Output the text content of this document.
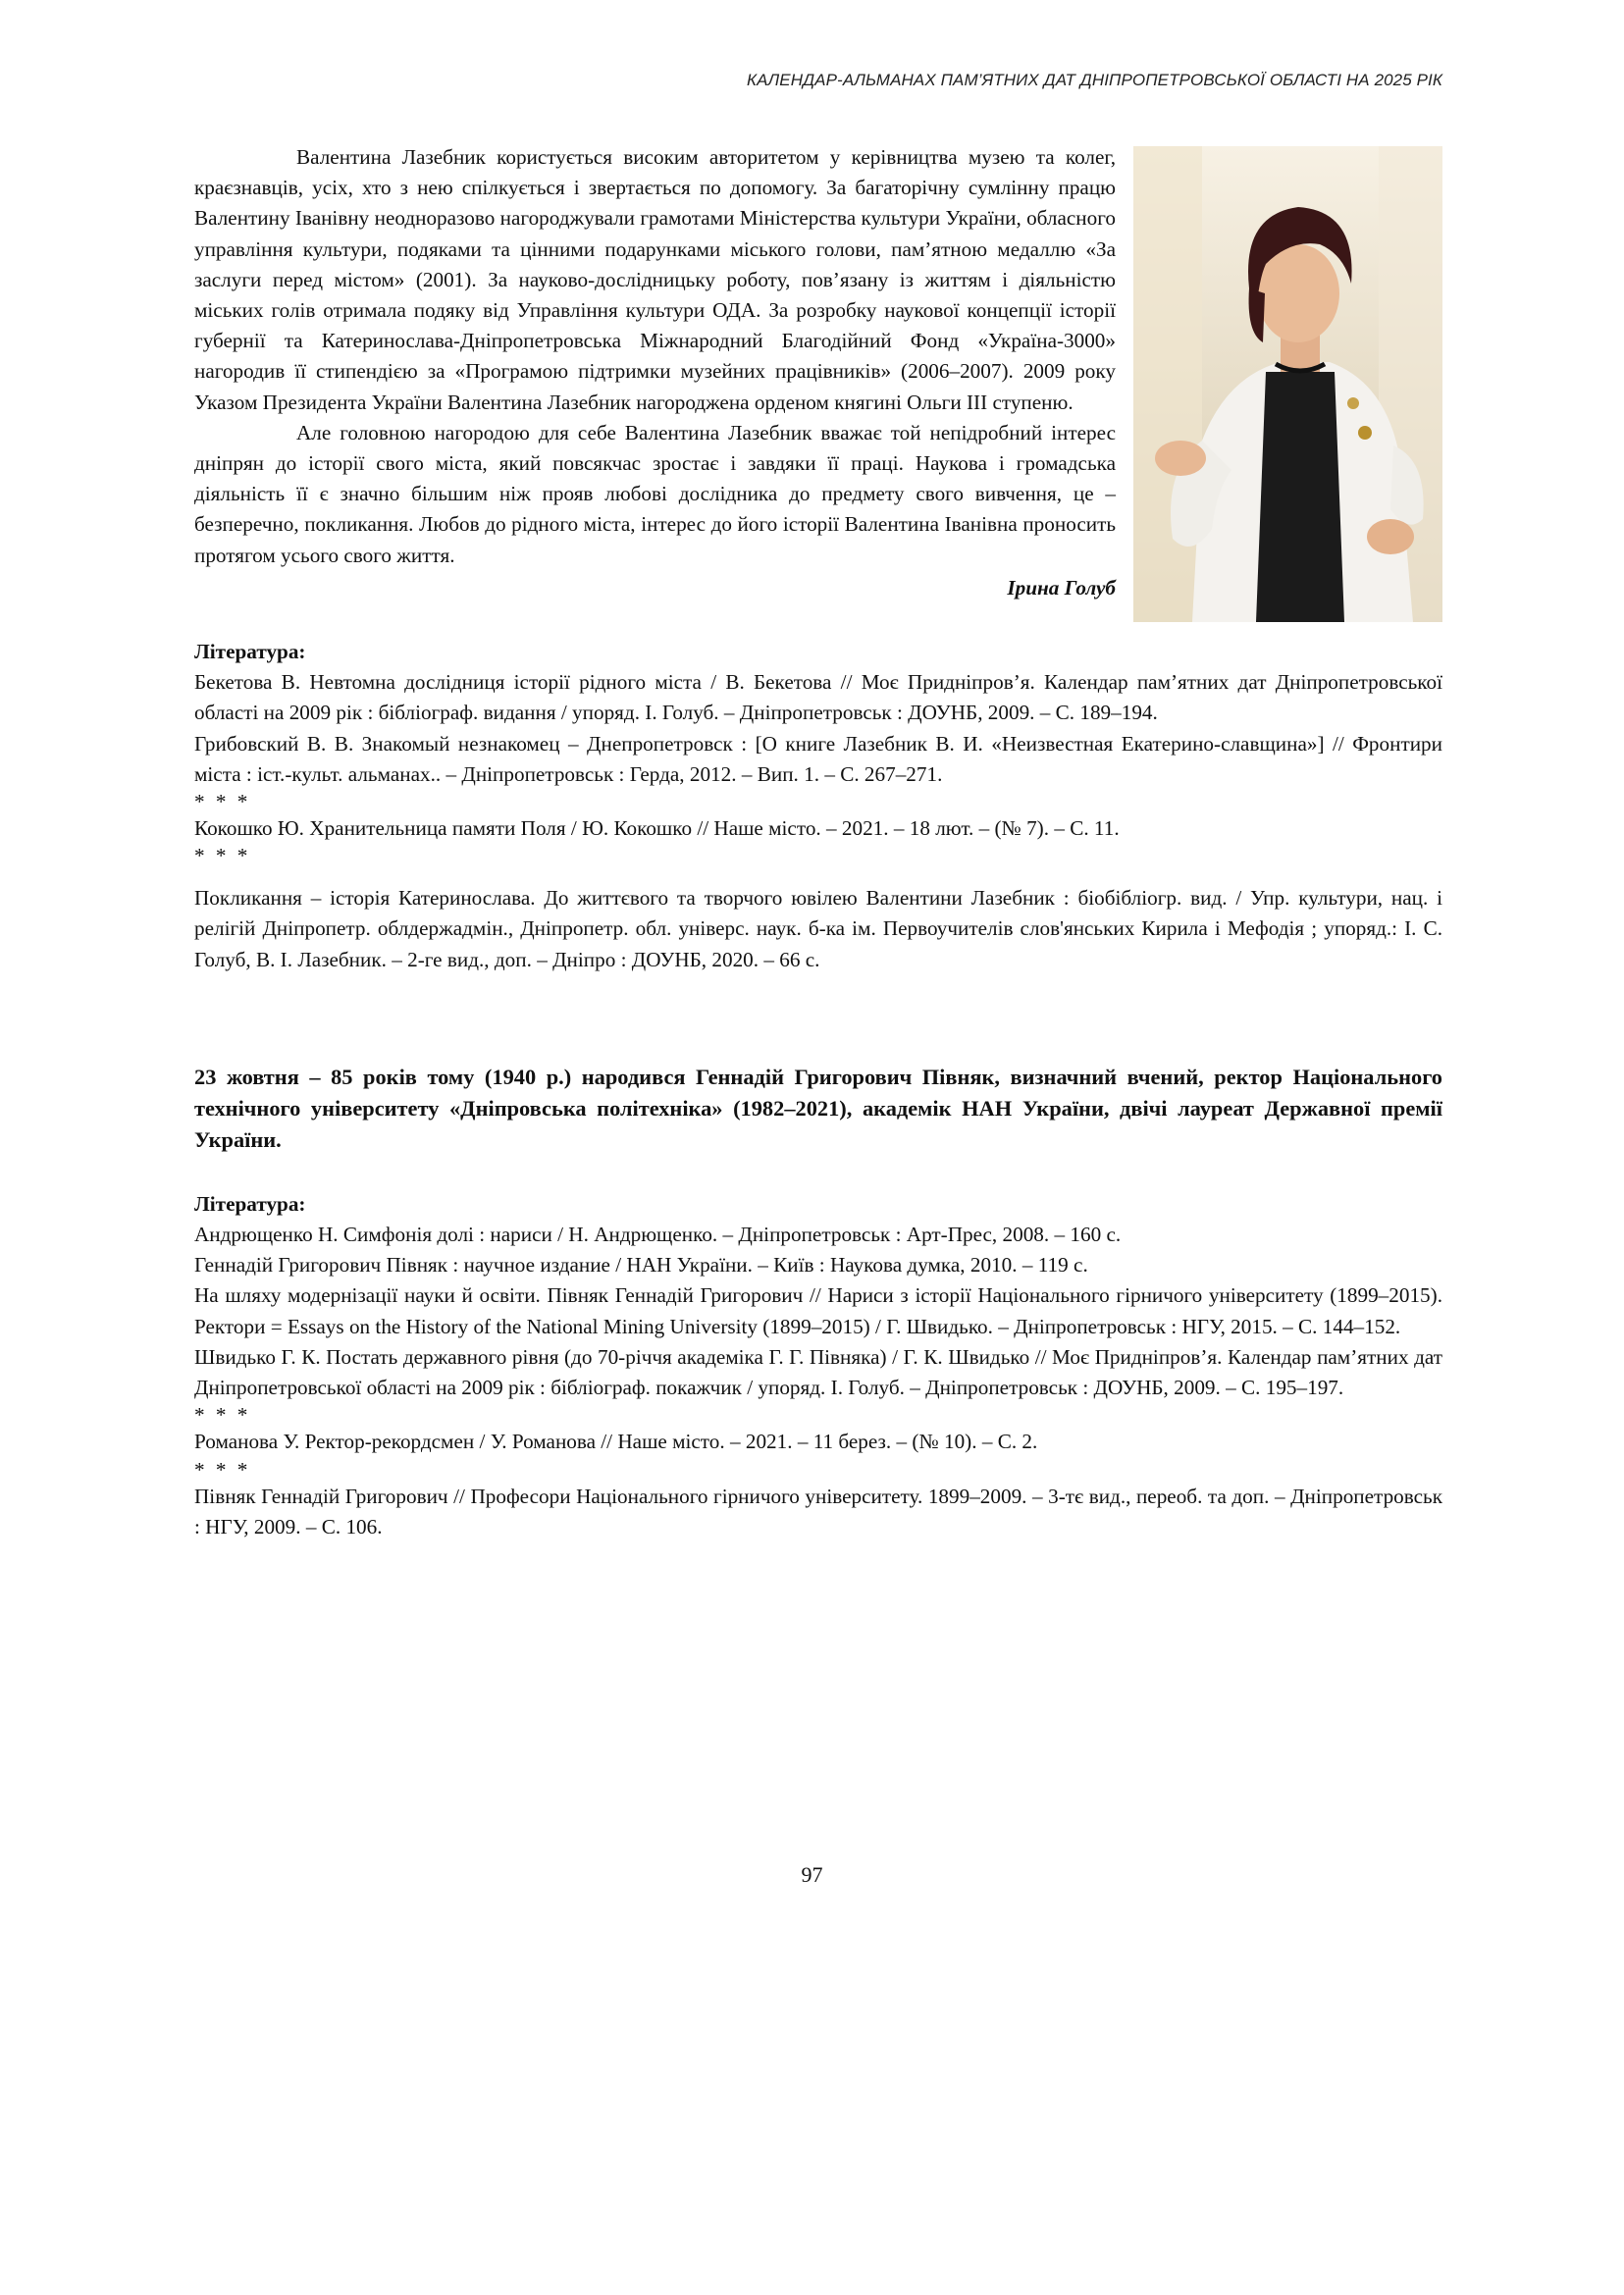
КАЛЕНДАР-АЛЬМАНАХ ПАМ’ЯТНИХ ДАТ ДНІПРОПЕТРОВСЬКОЇ ОБЛАСТІ НА 2025 РІК

Валентина Лазебник користується високим авторитетом у керівництва музею та колег, краєзнавців, усіх, хто з нею спілкується і звертається по допомогу. За багаторічну сумлінну працю Валентину Іванівну неодноразово нагороджували грамотами Міністерства культури України, обласного управління культури, подяками та цінними подарунками міського голови, пам’ятною медаллю «За заслуги перед містом» (2001). За науково-дослідницьку роботу, пов’язану із життям і діяльністю міських голів отримала подяку від Управління культури ОДА. За розробку наукової концепції історії губернії та Катеринослава-Дніпропетровська Міжнародний Благодійний Фонд «Україна-3000» нагородив її стипендією за «Програмою підтримки музейних працівників» (2006–2007). 2009 року Указом Президента України Валентина Лазебник нагороджена орденом княгині Ольги III ступеню.

Але головною нагородою для себе Валентина Лазебник вважає той непідробний інтерес дніпрян до історії свого міста, який повсякчас зростає і завдяки її праці. Наукова і громадська діяльність її є значно більшим ніж прояв любові дослідника до предмету свого вивчення, це – безперечно, покликання. Любов до рідного міста, інтерес до його історії Валентина Іванівна проносить протягом усього свого життя.

Ірина Голуб

Література:

Бекетова В. Невтомна дослідниця історії рідного міста / В. Бекетова // Моє Придніпров’я. Календар пам’ятних дат Дніпропетровської області на 2009 рік : бібліограф. видання / упоряд. І. Голуб. – Дніпропетровськ : ДОУНБ, 2009. – С. 189–194.

Грибовский В. В. Знакомый незнакомец – Днепропетровск : [О книге Лазебник В. И. «Неизвестная Екатерино-славщина»] // Фронтири міста : іст.-культ. альманах.. – Дніпропетровськ : Герда, 2012. – Вип. 1. – С. 267–271.

* * *

Кокошко Ю. Хранительница памяти Поля / Ю. Кокошко // Наше місто. – 2021. – 18 лют. – (№ 7). – С. 11.

* * *

Покликання – історія Катеринослава. До життєвого та творчого ювілею Валентини Лазебник : біобібліогр. вид. / Упр. культури, нац. і релігій Дніпропетр. облдержадмін., Дніпропетр. обл. універс. наук. б-ка ім. Первоучителів слов'янських Кирила і Мефодія ; упоряд.: І. С. Голуб, В. І. Лазебник. – 2-ге вид., доп. – Дніпро : ДОУНБ, 2020. – 66 с.

23 жовтня – 85 років тому (1940 р.) народився Геннадій Григорович Півняк, визначний вчений, ректор Національного технічного університету «Дніпровська політехніка» (1982–2021), академік НАН України, двічі лауреат Державної премії України.

Література:

Андрющенко Н. Симфонія долі : нариси / Н. Андрющенко. – Дніпропетровськ : Арт-Прес, 2008. – 160 с.

Геннадій Григорович Півняк : научное издание / НАН України. – Київ : Наукова думка, 2010. – 119 с.

На шляху модернізації науки й освіти. Півняк Геннадій Григорович // Нариси з історії Національного гірничого університету (1899–2015). Ректори = Essays on the History of the National Mining University (1899–2015) / Г. Швидько. – Дніпропетровськ : НГУ, 2015. – С. 144–152.

Швидько Г. К. Постать державного рівня (до 70-річчя академіка Г. Г. Півняка) / Г. К. Швидько // Моє Придніпров’я. Календар пам’ятних дат Дніпропетровської області на 2009 рік : бібліограф. покажчик / упоряд. І. Голуб. – Дніпропетровськ : ДОУНБ, 2009. – С. 195–197.

* * *

Романова У. Ректор-рекордсмен / У. Романова // Наше місто. – 2021. – 11 берез. – (№ 10). – С. 2.

* * *

Півняк Геннадій Григорович // Професори Національного гірничого університету. 1899–2009. – 3-тє вид., переоб. та доп. – Дніпропетровськ : НГУ, 2009. – С. 106.

97
